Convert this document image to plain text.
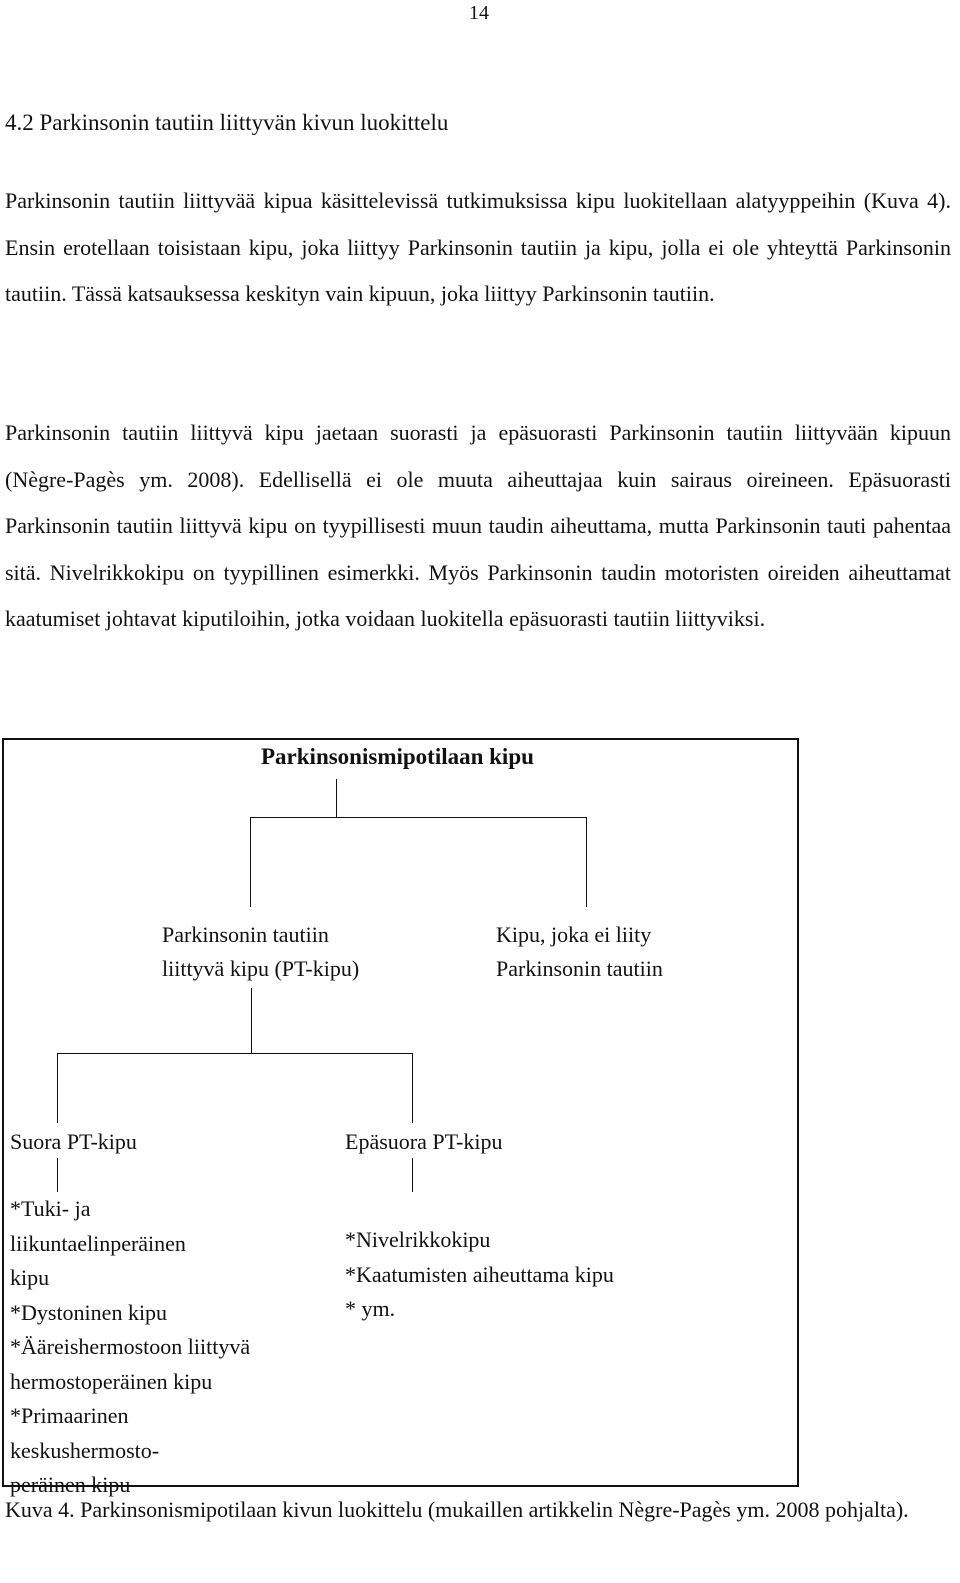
14
4.2 Parkinsonin tautiin liittyvän kivun luokittelu

Parkinsonin tautiin liittyvää kipua käsittelevissä tutkimuksissa kipu luokitellaan alatyyppeihin (Kuva 4). Ensin erotellaan toisistaan kipu, joka liittyy Parkinsonin tautiin ja kipu, jolla ei ole yhteyttä Parkinsonin tautiin. Tässä katsauksessa keskityn vain kipuun, joka liittyy Parkinsonin tautiin.

Parkinsonin tautiin liittyvä kipu jaetaan suorasti ja epäsuorasti Parkinsonin tautiin liittyvään kipuun (Nègre-Pagès ym. 2008). Edellisellä ei ole muuta aiheuttajaa kuin sairaus oireineen. Epäsuorasti Parkinsonin tautiin liittyvä kipu on tyypillisesti muun taudin aiheuttama, mutta Parkinsonin tauti pahentaa sitä. Nivelrikkokipu on tyypillinen esimerkki. Myös Parkinsonin taudin motoristen oireiden aiheuttamat kaatumiset johtavat kiputiloihin, jotka voidaan luokitella epäsuorasti tautiin liittyviksi.

Parkinsonismipotilaan kipu
Parkinsonin tautiin
liittyvä kipu (PT-kipu)
Kipu, joka ei liity
Parkinsonin tautiin
Suora PT-kipu	Epäsuora PT-kipu
*Tuki- ja
liikuntaelinperäinen
kipu
*Dystoninen kipu
*Ääreishermostoon liittyvä
hermostoperäinen kipu
*Primaarinen
keskushermosto-
peräinen kipu
*Nivelrikkokipu
*Kaatumisten aiheuttama kipu
* ym.

Kuva 4. Parkinsonismipotilaan kivun luokittelu (mukaillen artikkelin Nègre-Pagès ym. 2008 pohjalta).
